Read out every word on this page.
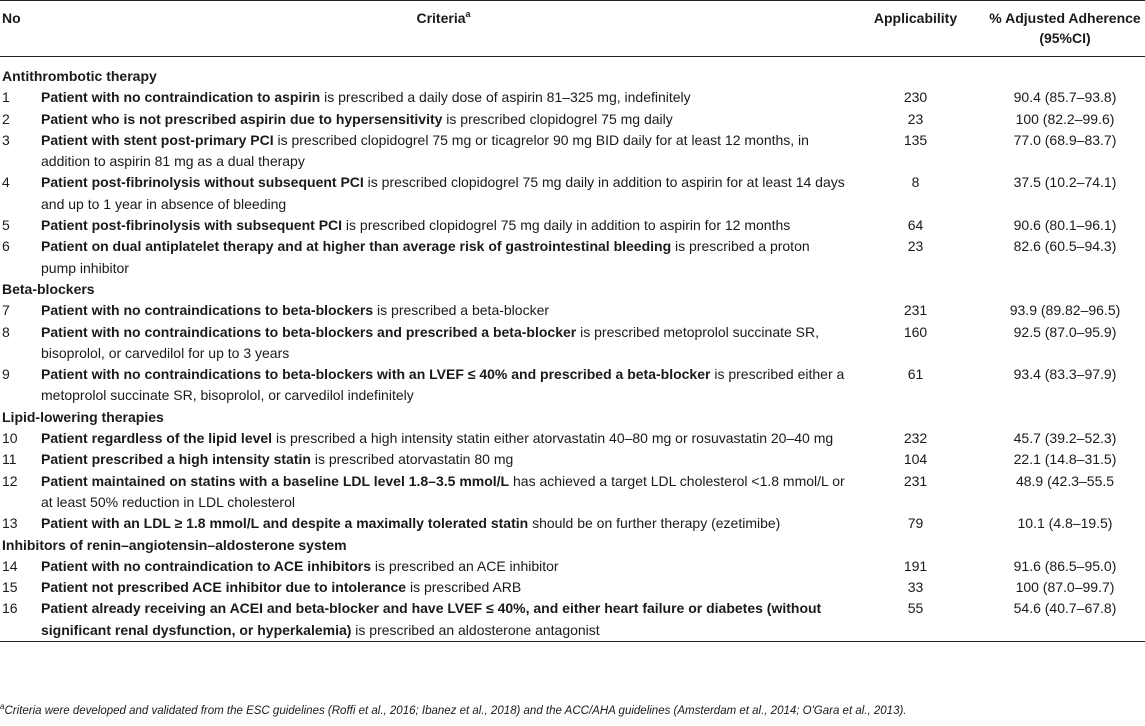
No	Criteria$^a$	Applicability	% Adjusted Adherence
(95%CI)
Antithrombotic therapy			
1	Patient with no contraindication to aspirin is prescribed a daily dose of aspirin 81–325 mg, indefinitely	230	90.4 (85.7–93.8)
2	Patient who is not prescribed aspirin due to hypersensitivity is prescribed clopidogrel 75 mg daily	23	100 (82.2–99.6)
3	Patient with stent post-primary PCI is prescribed clopidogrel 75 mg or ticagrelor 90 mg BID daily for at least 12 months, in addition to aspirin 81 mg as a dual therapy	135	77.0 (68.9–83.7)
4	Patient post-fibrinolysis without subsequent PCI is prescribed clopidogrel 75 mg daily in addition to aspirin for at least 14 days and up to 1 year in absence of bleeding	8	37.5 (10.2–74.1)
5	Patient post-fibrinolysis with subsequent PCI is prescribed clopidogrel 75 mg daily in addition to aspirin for 12 months	64	90.6 (80.1–96.1)
6	Patient on dual antiplatelet therapy and at higher than average risk of gastrointestinal bleeding is prescribed a proton pump inhibitor	23	82.6 (60.5–94.3)
Beta-blockers			
7	Patient with no contraindications to beta-blockers is prescribed a beta-blocker	231	93.9 (89.82–96.5)
8	Patient with no contraindications to beta-blockers and prescribed a beta-blocker is prescribed metoprolol succinate SR, bisoprolol, or carvedilol for up to 3 years	160	92.5 (87.0–95.9)
9	Patient with no contraindications to beta-blockers with an LVEF ≤ 40% and prescribed a beta-blocker is prescribed either a metoprolol succinate SR, bisoprolol, or carvedilol indefinitely	61	93.4 (83.3–97.9)
Lipid-lowering therapies			
10	Patient regardless of the lipid level is prescribed a high intensity statin either atorvastatin 40–80 mg or rosuvastatin 20–40 mg	232	45.7 (39.2–52.3)
11	Patient prescribed a high intensity statin is prescribed atorvastatin 80 mg	104	22.1 (14.8–31.5)
12	Patient maintained on statins with a baseline LDL level 1.8–3.5 mmol/L has achieved a target LDL cholesterol <1.8 mmol/L or at least 50% reduction in LDL cholesterol	231	48.9 (42.3–55.5
13	Patient with an LDL ≥ 1.8 mmol/L and despite a maximally tolerated statin should be on further therapy (ezetimibe)	79	10.1 (4.8–19.5)
Inhibitors of renin–angiotensin–aldosterone system			
14	Patient with no contraindication to ACE inhibitors is prescribed an ACE inhibitor	191	91.6 (86.5–95.0)
15	Patient not prescribed ACE inhibitor due to intolerance is prescribed ARB	33	100 (87.0–99.7)
16	Patient already receiving an ACEI and beta-blocker and have LVEF ≤ 40%, and either heart failure or diabetes (without significant renal dysfunction, or hyperkalemia) is prescribed an aldosterone antagonist	55	54.6 (40.7–67.8)
$^a$Criteria were developed and validated from the ESC guidelines (Roffi et al., 2016; Ibanez et al., 2018) and the ACC/AHA guidelines (Amsterdam et al., 2014; O'Gara et al., 2013).
